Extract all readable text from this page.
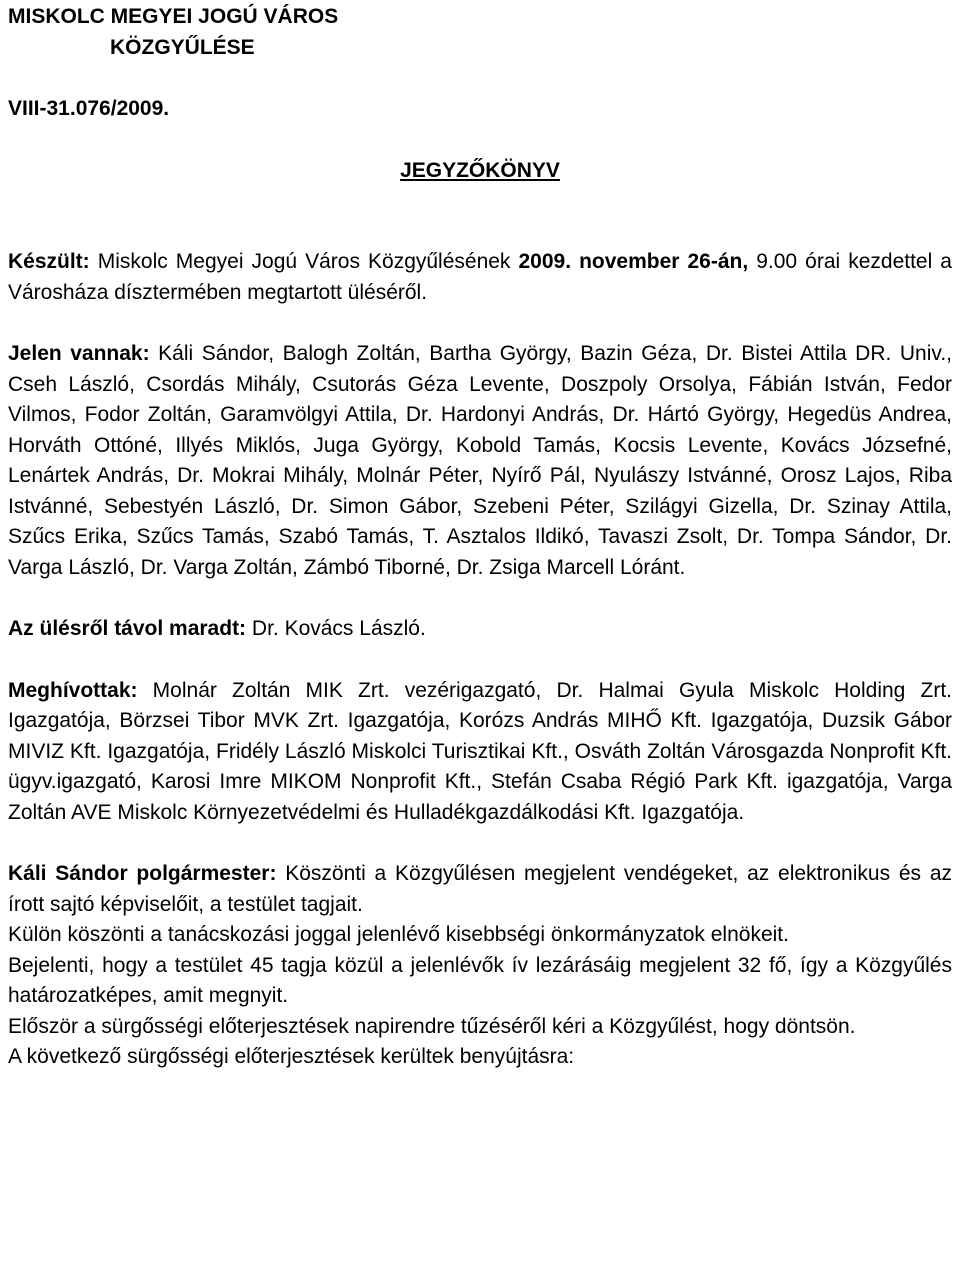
MISKOLC MEGYEI JOGÚ VÁROS
KÖZGYŰLÉSE
VIII-31.076/2009.
JEGYZŐKÖNYV

Készült: Miskolc Megyei Jogú Város Közgyűlésének 2009. november 26-án, 9.00 órai kezdettel a Városháza dísztermében megtartott üléséről.

Jelen vannak: Káli Sándor, Balogh Zoltán, Bartha György, Bazin Géza, Dr. Bistei Attila DR. Univ., Cseh László, Csordás Mihály, Csutorás Géza Levente, Doszpoly Orsolya, Fábián István, Fedor Vilmos, Fodor Zoltán, Garamvölgyi Attila, Dr. Hardonyi András, Dr. Hártó György, Hegedüs Andrea, Horváth Ottóné, Illyés Miklós, Juga György, Kobold Tamás, Kocsis Levente, Kovács Józsefné, Lenártek András, Dr. Mokrai Mihály, Molnár Péter, Nyírő Pál, Nyulászy Istvánné, Orosz Lajos, Riba Istvánné, Sebestyén László, Dr. Simon Gábor, Szebeni Péter, Szilágyi Gizella, Dr. Szinay Attila, Szűcs Erika, Szűcs Tamás, Szabó Tamás, T. Asztalos Ildikó, Tavaszi Zsolt, Dr. Tompa Sándor, Dr. Varga László, Dr. Varga Zoltán, Zámbó Tiborné, Dr. Zsiga Marcell Lóránt.

Az ülésről távol maradt: Dr. Kovács László.

Meghívottak: Molnár Zoltán MIK Zrt. vezérigazgató, Dr. Halmai Gyula Miskolc Holding Zrt. Igazgatója, Börzsei Tibor MVK Zrt. Igazgatója, Korózs András MIHŐ Kft. Igazgatója, Duzsik Gábor MIVIZ Kft. Igazgatója, Fridély László Miskolci Turisztikai Kft., Osváth Zoltán Városgazda Nonprofit Kft. ügyv.igazgató, Karosi Imre MIKOM Nonprofit Kft., Stefán Csaba Régió Park Kft. igazgatója, Varga Zoltán AVE Miskolc Környezetvédelmi és Hulladékgazdálkodási Kft. Igazgatója.

Káli Sándor polgármester: Köszönti a Közgyűlésen megjelent vendégeket, az elektronikus és az írott sajtó képviselőit, a testület tagjait.

Külön köszönti a tanácskozási joggal jelenlévő kisebbségi önkormányzatok elnökeit.

Bejelenti, hogy a testület 45 tagja közül a jelenlévők ív lezárásáig megjelent 32 fő, így a Közgyűlés határozatképes, amit megnyit.

Először a sürgősségi előterjesztések napirendre tűzéséről kéri a Közgyűlést, hogy döntsön.

A következő sürgősségi előterjesztések kerültek benyújtásra:
